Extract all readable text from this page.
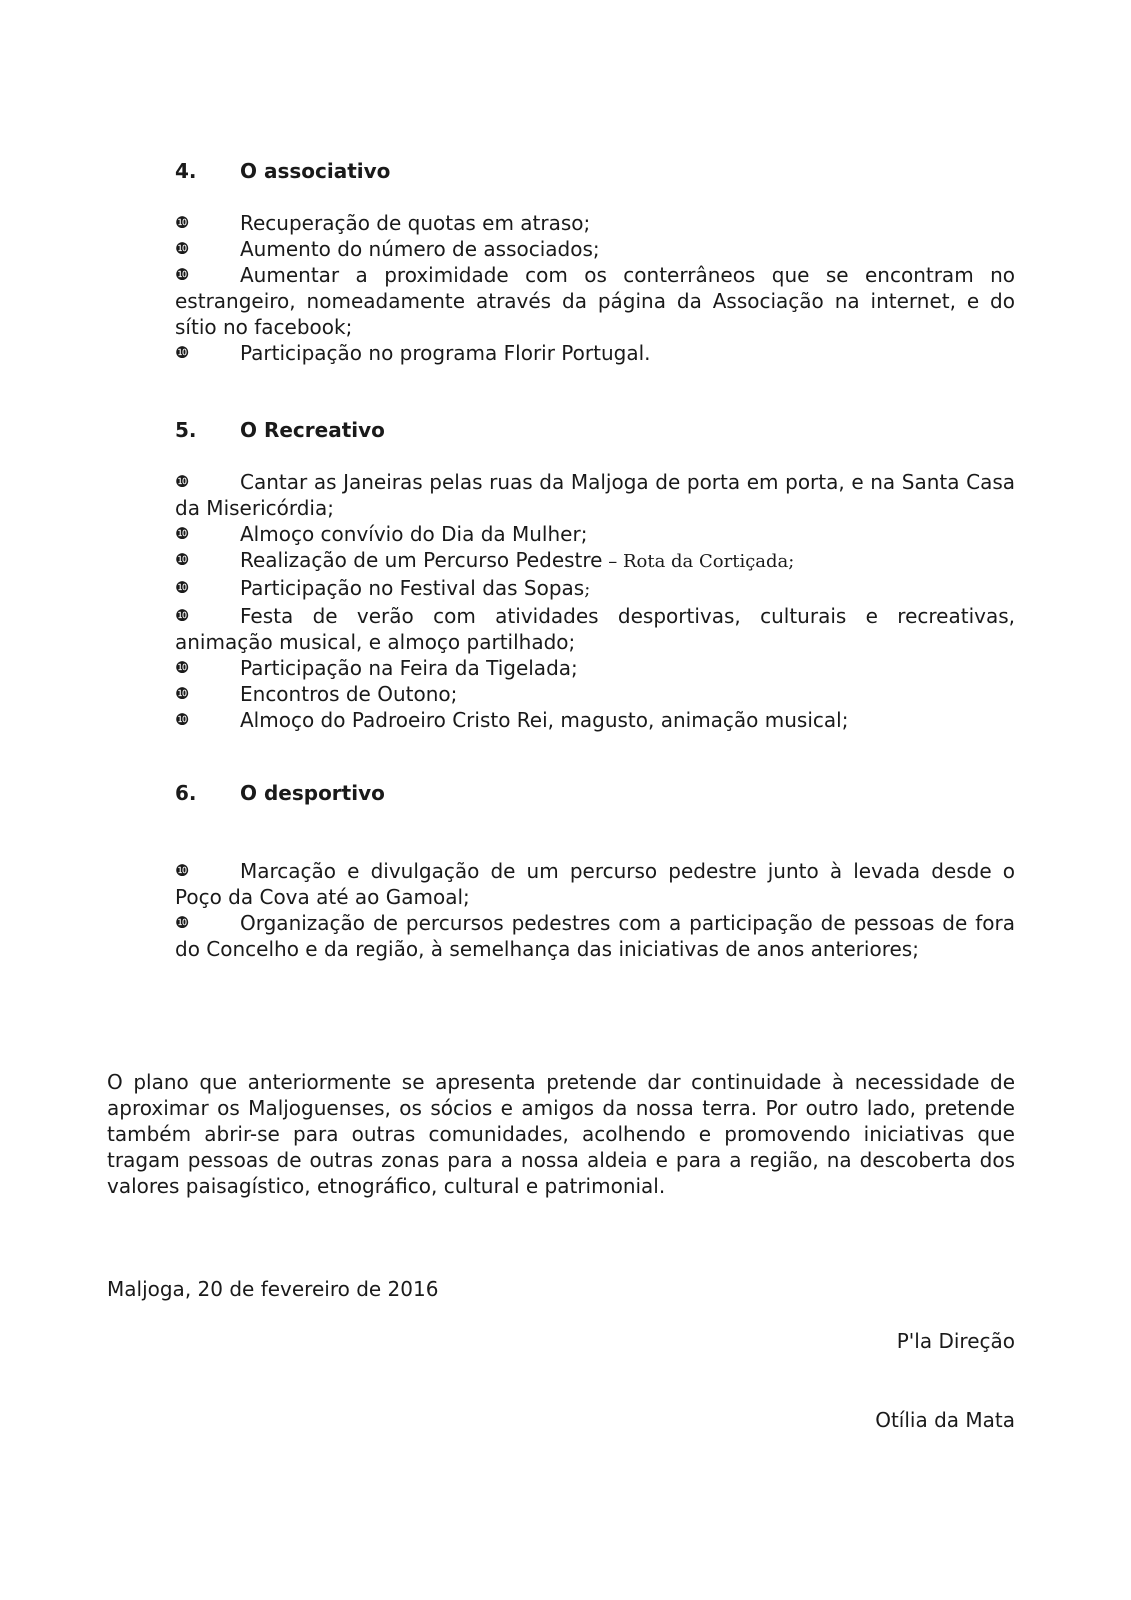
4. O associativo

❿	Recuperação de quotas em atraso;
❿	Aumento do número de associados;
❿	Aumentar a proximidade com os conterrâneos que se encontram no estrangeiro, nomeadamente através da página da Associação na internet, e do sítio no facebook;
❿	Participação no programa Florir Portugal.

5. O Recreativo

❿	Cantar as Janeiras pelas ruas da Maljoga de porta em porta, e na Santa Casa da Misericórdia;
❿	Almoço convívio do Dia da Mulher;
❿	Realização de um Percurso Pedestre – Rota da Cortiçada;
❿	Participação no Festival das Sopas;
❿	Festa de verão com atividades desportivas, culturais e recreativas, animação musical, e almoço partilhado;
❿	Participação na Feira da Tigelada;
❿	Encontros de Outono;
❿	Almoço do Padroeiro Cristo Rei, magusto, animação musical;

6. O desportivo

❿	Marcação e divulgação de um percurso pedestre junto à levada desde o Poço da Cova até ao Gamoal;
❿	Organização de percursos pedestres com a participação de pessoas de fora do Concelho e da região, à semelhança das iniciativas de anos anteriores;

O plano que anteriormente se apresenta pretende dar continuidade à necessidade de aproximar os Maljoguenses, os sócios e amigos da nossa terra. Por outro lado, pretende também abrir-se para outras comunidades, acolhendo e promovendo iniciativas que tragam pessoas de outras zonas para a nossa aldeia e para a região, na descoberta dos valores paisagístico, etnográfico, cultural e patrimonial.

Maljoga, 20 de fevereiro de 2016

P'la Direção

Otília da Mata
